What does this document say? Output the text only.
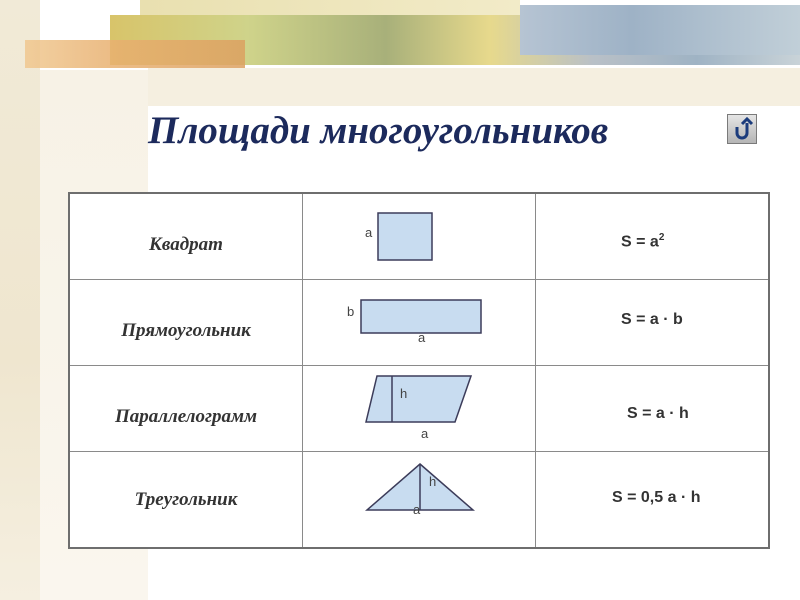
Площади многоугольников
Квадрат
a
$S = a^2$
Прямоугольник
b
a
S = a · b
Параллелограмм
h
a
S = a · h
Треугольник
h
a
S = 0,5 a · h
